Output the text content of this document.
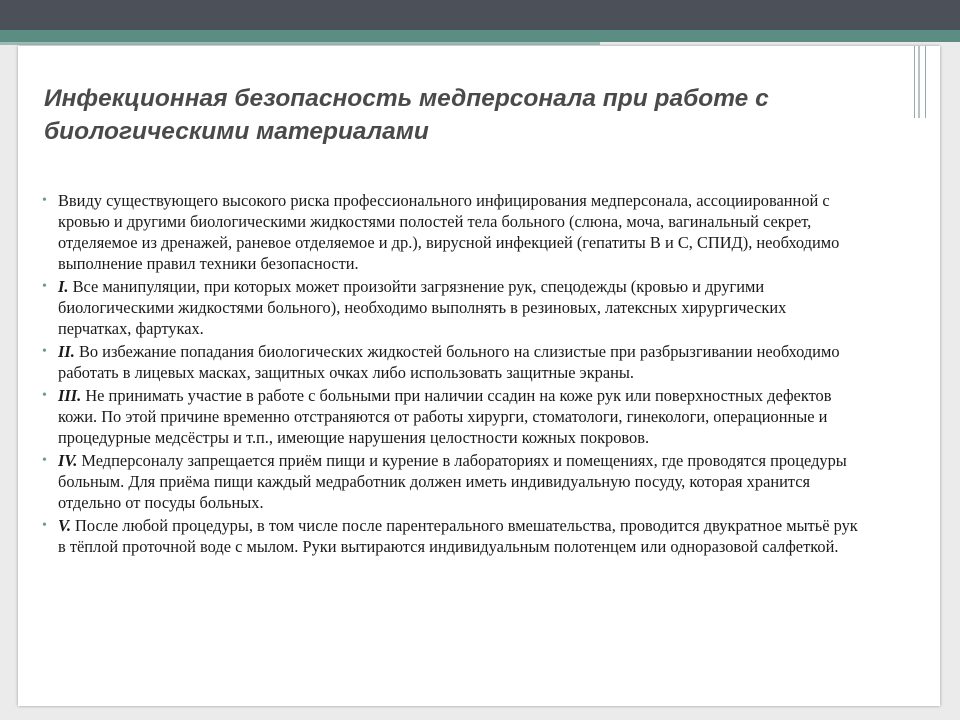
Инфекционная безопасность медперсонала при работе с биологическими материалами
• Ввиду существующего высокого риска профессионального инфицирования медперсонала, ассоциированной с кровью и другими биологическими жидкостями полостей тела больного (слюна, моча, вагинальный секрет, отделяемое из дренажей, раневое отделяемое и др.), вирусной инфекцией (гепатиты В и С, СПИД), необходимо выполнение правил техники безопасности.
• I. Все манипуляции, при которых может произойти загрязнение рук, спецодежды (кровью и другими биологическими жидкостями больного), необходимо выполнять в резиновых, латексных хирургических перчатках, фартуках.
• II. Во избежание попадания биологических жидкостей больного на слизистые при разбрызгивании необходимо работать в лицевых масках, защитных очках либо использовать защитные экраны.
• III. Не принимать участие в работе с больными при наличии ссадин на коже рук или поверхностных дефектов кожи. По этой причине временно отстраняются от работы хирурги, стоматологи, гинекологи, операционные и процедурные медсёстры и т.п., имеющие нарушения целостности кожных покровов.
• IV. Медперсоналу запрещается приём пищи и курение в лабораториях и помещениях, где проводятся процедуры больным. Для приёма пищи каждый медработник должен иметь индивидуальную посуду, которая хранится отдельно от посуды больных.
• V. После любой процедуры, в том числе после парентерального вмешательства, проводится двукратное мытьё рук в тёплой проточной воде с мылом. Руки вытираются индивидуальным полотенцем или одноразовой салфеткой.
